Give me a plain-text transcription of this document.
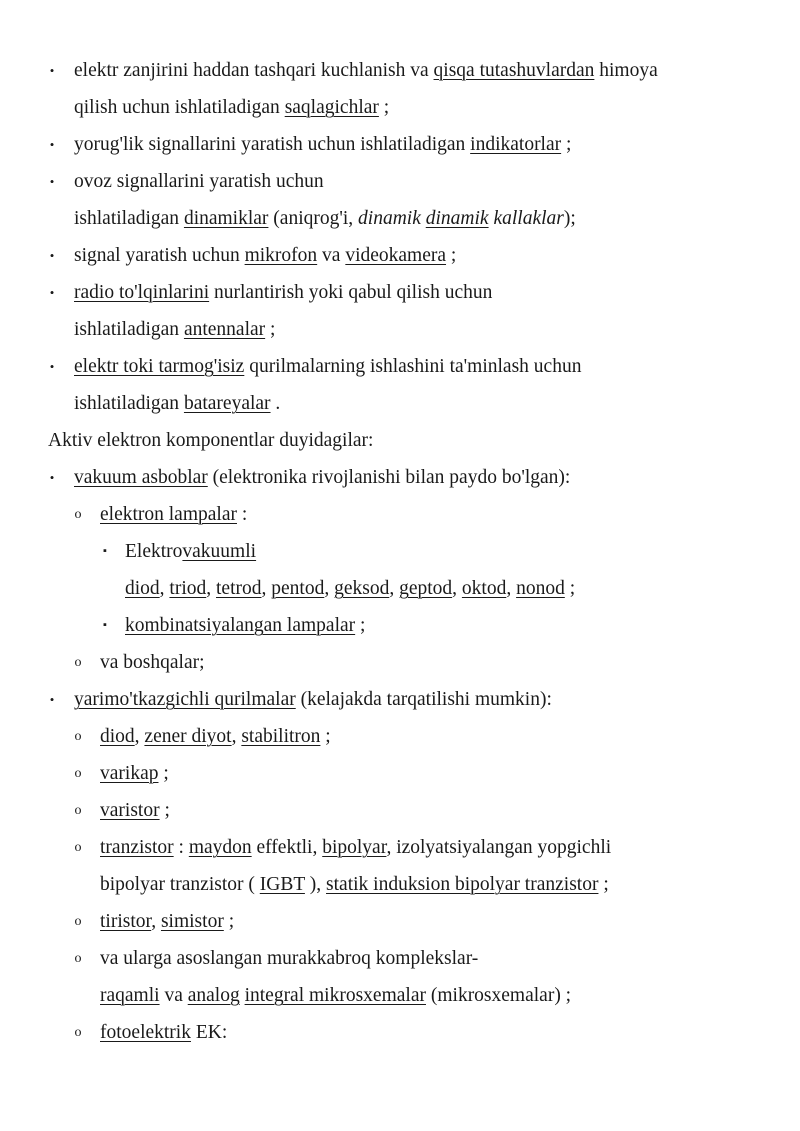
• elektr zanjirini haddan tashqari kuchlanish va qisqa tutashuvlardan himoya
qilish uchun ishlatiladigan saqlagichlar ;
• yorug'lik signallarini yaratish uchun ishlatiladigan indikatorlar ;
• ovoz signallarini yaratish uchun
ishlatiladigan dinamiklar (aniqrog'i, dinamik dinamik kallaklar);
• signal yaratish uchun mikrofon va videokamera ;
• radio to'lqinlarini nurlantirish yoki qabul qilish uchun
ishlatiladigan antennalar ;
• elektr toki tarmog'isiz qurilmalarning ishlashini ta'minlash uchun
ishlatiladigan batareyalar .
Aktiv elektron komponentlar duyidagilar:
• vakuum asboblar (elektronika rivojlanishi bilan paydo bo'lgan):
o elektron lampalar :
▪ Elektrovakuumli
diod, triod, tetrod, pentod, geksod, geptod, oktod, nonod ;
▪ kombinatsiyalangan lampalar ;
o va boshqalar;
• yarimo'tkazgichli qurilmalar (kelajakda tarqatilishi mumkin):
o diod, zener diyot, stabilitron ;
o varikap ;
o varistor ;
o tranzistor : maydon effektli, bipolyar, izolyatsiyalangan yopgichli
bipolyar tranzistor ( IGBT ), statik induksion bipolyar tranzistor ;
o tiristor, simistor ;
o va ularga asoslangan murakkabroq komplekslar-
raqamli va analog integral mikrosxemalar (mikrosxemalar) ;
o fotoelektrik EK:
